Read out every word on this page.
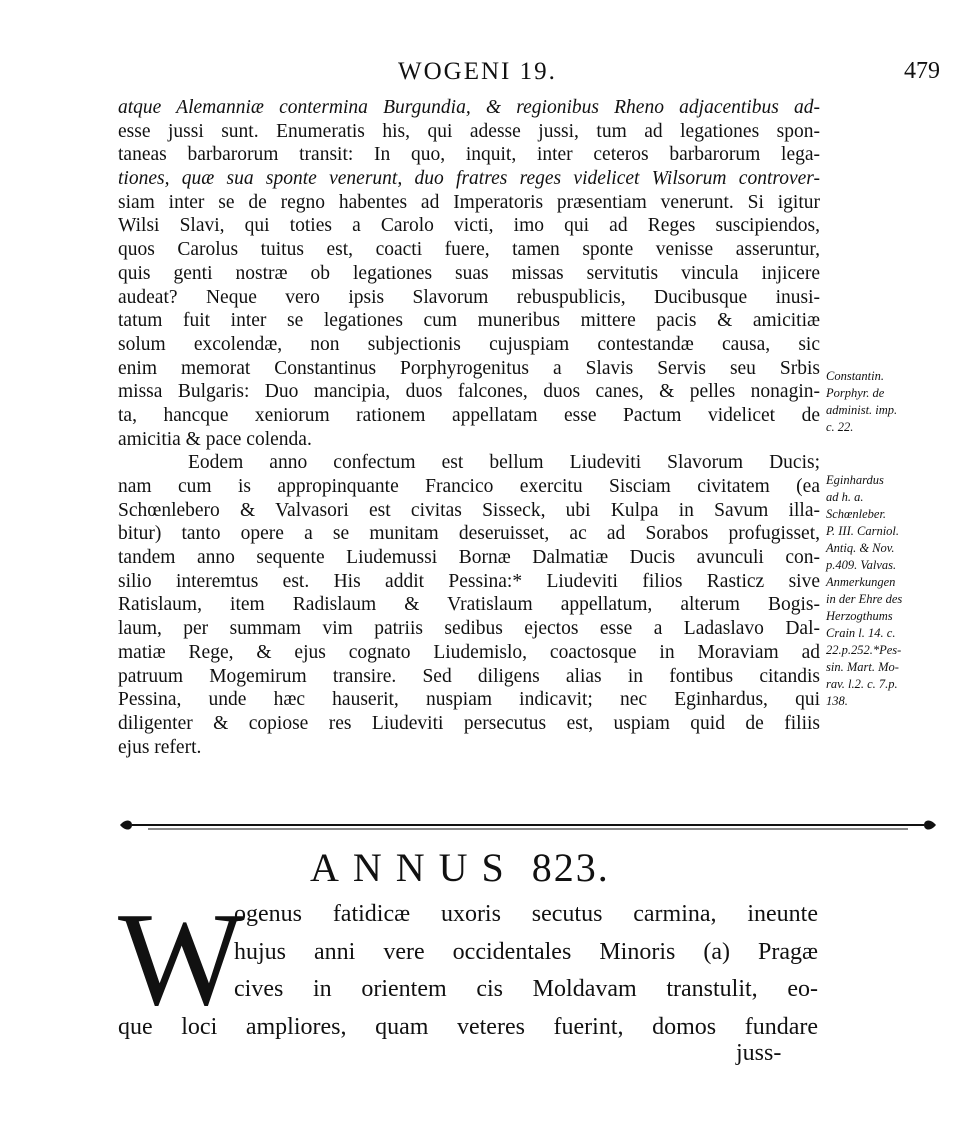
WOGENI 19.	479
atque Alemanniæ contermina Burgundia, & regionibus Rheno adjacentibus ad-
esse jussi sunt. Enumeratis his, qui adesse jussi, tum ad legationes spon-
taneas barbarorum transit: In quo, inquit, inter ceteros barbarorum lega-
tiones, quæ sua sponte venerunt, duo fratres reges videlicet Wilsorum controver-
siam inter se de regno habentes ad Imperatoris præsentiam venerunt. Si igitur
Wilsi Slavi, qui toties a Carolo victi, imo qui ad Reges suscipiendos,
quos Carolus tuitus est, coacti fuere, tamen sponte venisse asseruntur,
quis genti nostræ ob legationes suas missas servitutis vincula injicere
audeat? Neque vero ipsis Slavorum rebuspublicis, Ducibusque inusi-
tatum fuit inter se legationes cum muneribus mittere pacis & amicitiæ
solum excolendæ, non subjectionis cujuspiam contestandæ causa, sic
enim memorat Constantinus Porphyrogenitus a Slavis Servis seu Srbis
missa Bulgaris: Duo mancipia, duos falcones, duos canes, & pelles nonagin-
ta, hancque xeniorum rationem appellatam esse Pactum videlicet de
amicitia & pace colenda.
Eodem anno confectum est bellum Liudeviti Slavorum Ducis;
nam cum is appropinquante Francico exercitu Sisciam civitatem (ea
Schœnlebero & Valvasori est civitas Sisseck, ubi Kulpa in Savum illa-
bitur) tanto opere a se munitam deseruisset, ac ad Sorabos profugisset,
tandem anno sequente Liudemussi Bornæ Dalmatiæ Ducis avunculi con-
silio interemtus est. His addit Pessina:* Liudeviti filios Rasticz sive
Ratislaum, item Radislaum & Vratislaum appellatum, alterum Bogis-
laum, per summam vim patriis sedibus ejectos esse a Ladaslavo Dal-
matiæ Rege, & ejus cognato Liudemislo, coactosque in Moraviam ad
patruum Mogemirum transire. Sed diligens alias in fontibus citandis
Pessina, unde hæc hauserit, nuspiam indicavit; nec Eginhardus, qui
diligenter & copiose res Liudeviti persecutus est, uspiam quid de filiis
ejus refert.
Constantin.
Porphyr. de
administ. imp.
c. 22.
Eginhardus
ad h. a.
Schœnleber.
P. III. Carniol.
Antiq. & Nov.
p.409. Valvas.
Anmerkungen
in der Ehre des
Herzogthums
Crain l. 14. c.
22.p.252.*Pes-
sin. Mart. Mo-
rav. l.2. c. 7.p.
138.
ANNUS 823.
W
ogenus fatidicæ uxoris secutus carmina, ineunte
hujus anni vere occidentales Minoris (a) Pragæ
cives in orientem cis Moldavam transtulit, eo-
que loci ampliores, quam veteres fuerint, domos fundare
juss-
